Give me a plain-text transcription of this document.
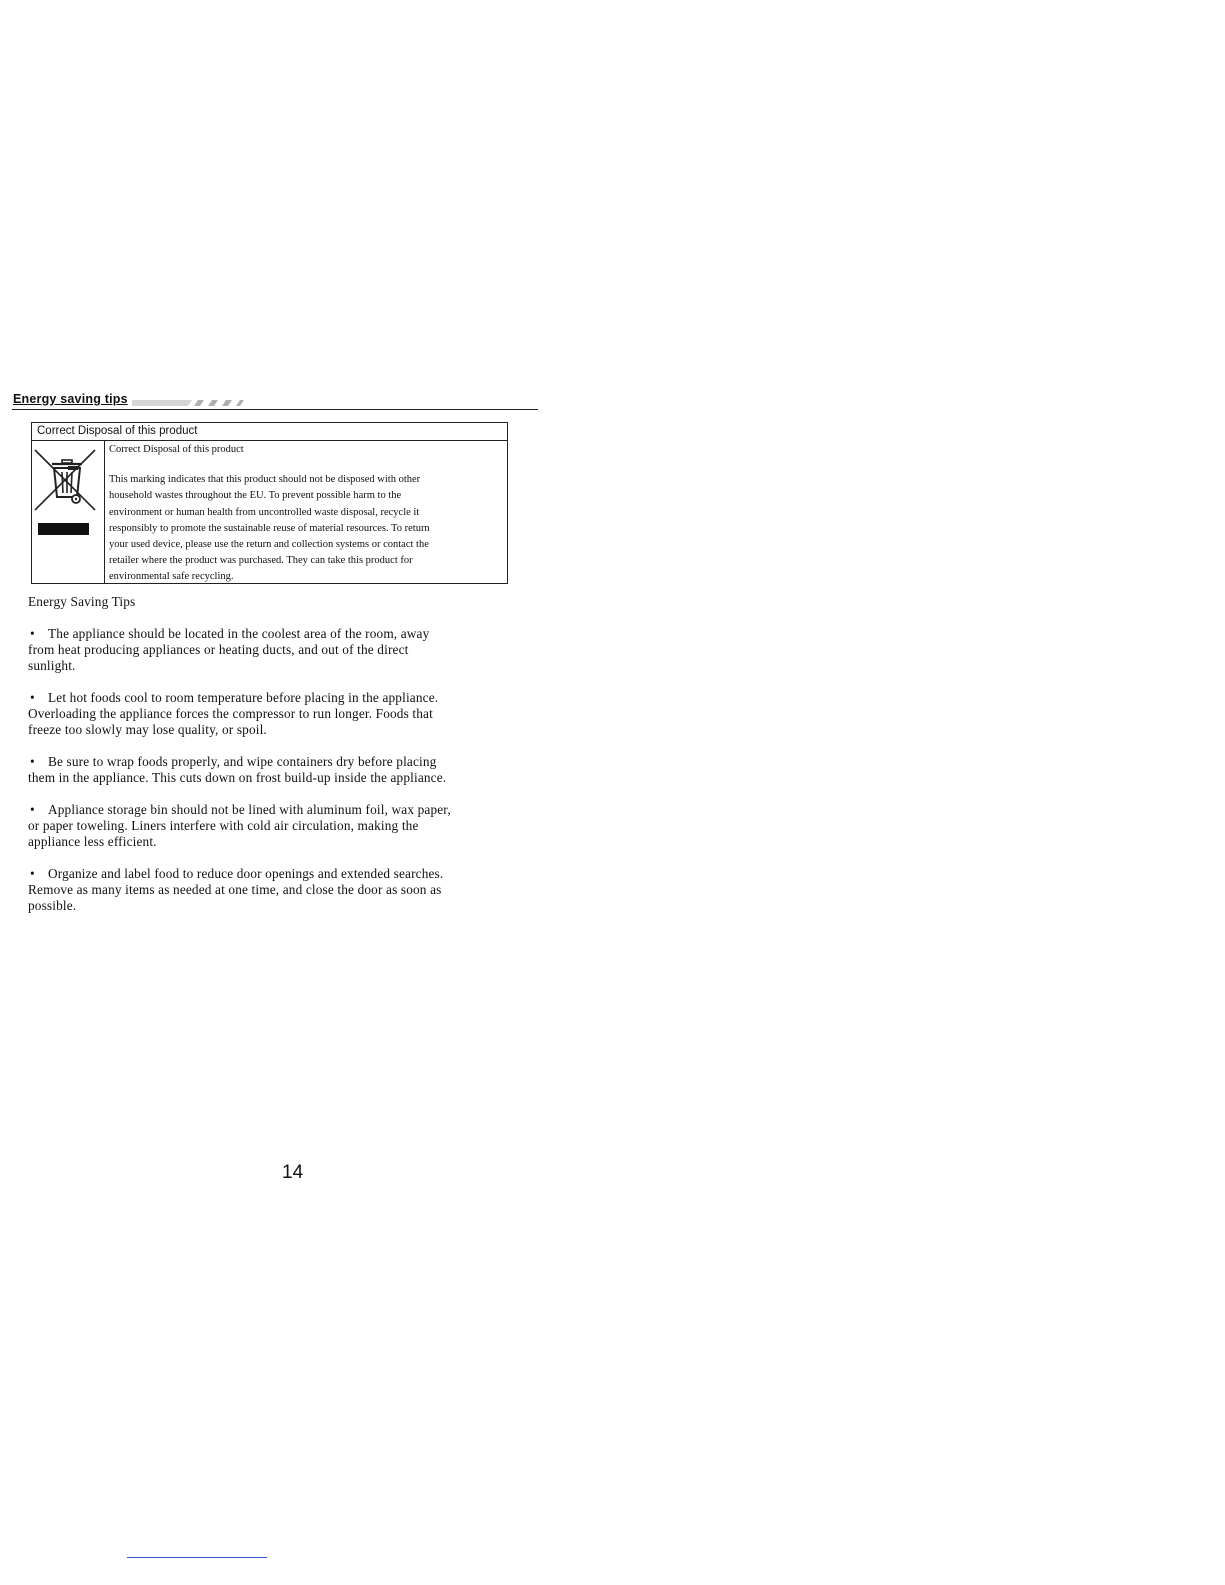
Energy saving tips
Correct Disposal of this product
Correct Disposal of this product
This marking indicates that this product should not be disposed with other
household wastes throughout the EU. To prevent possible harm to the
environment or human health from uncontrolled waste disposal, recycle it
responsibly to promote the sustainable reuse of material resources. To return
your used device, please use the return and collection systems or contact the
retailer where the product was purchased. They can take this product for
environmental safe recycling.
Energy Saving Tips
• The appliance should be located in the coolest area of the room, away
from heat producing appliances or heating ducts, and out of the direct
sunlight.
• Let hot foods cool to room temperature before placing in the appliance.
Overloading the appliance forces the compressor to run longer. Foods that
freeze too slowly may lose quality, or spoil.
• Be sure to wrap foods properly, and wipe containers dry before placing
them in the appliance. This cuts down on frost build-up inside the appliance.
• Appliance storage bin should not be lined with aluminum foil, wax paper,
or paper toweling. Liners interfere with cold air circulation, making the
appliance less efficient.
• Organize and label food to reduce door openings and extended searches.
Remove as many items as needed at one time, and close the door as soon as
possible.
14
